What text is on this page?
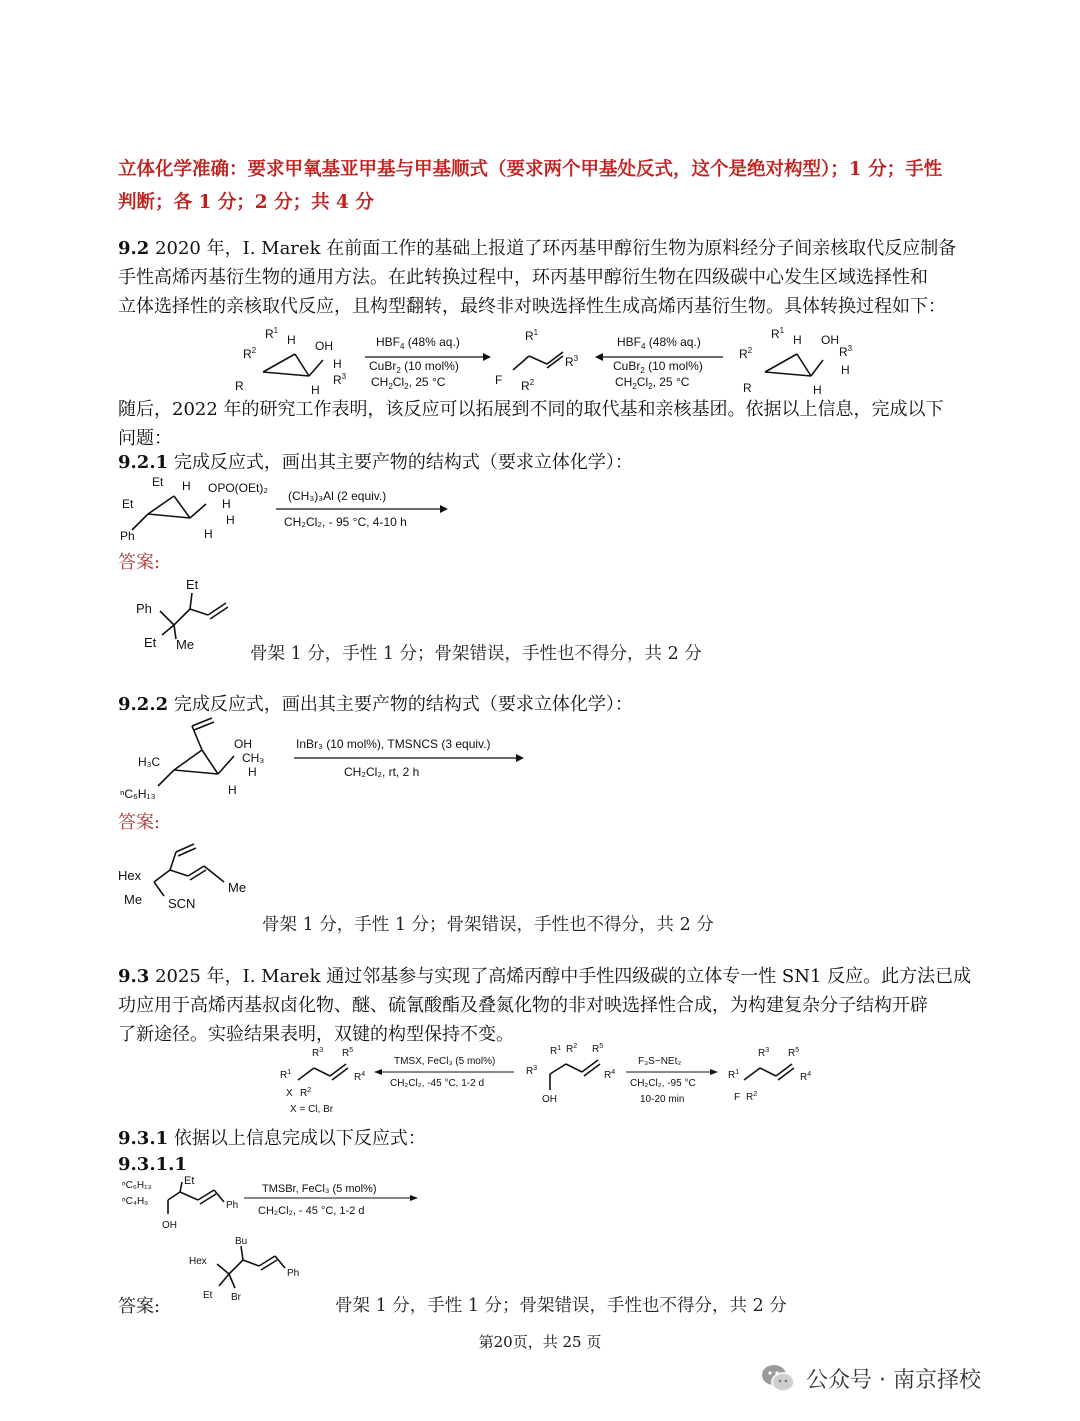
立体化学准确：要求甲氧基亚甲基与甲基顺式（要求两个甲基处反式，这个是绝对构型）；1 分；手性
判断；各 1 分；2 分；共 4 分
9.2 2020 年，I. Marek 在前面工作的基础上报道了环丙基甲醇衍生物为原料经分子间亲核取代反应制备
手性高烯丙基衍生物的通用方法。在此转换过程中，环丙基甲醇衍生物在四级碳中心发生区域选择性和
立体选择性的亲核取代反应，且构型翻转，最终非对映选择性生成高烯丙基衍生物。具体转换过程如下：
$R^2$
$R^1$
H
R
OH
H
$R^3$
H
$HBF_4$ (48% aq.)
CuBr$_2$ (10 mol%)
$CH_2Cl_2$, 25 °C
$R^1$
F $R^2$
$R^3$
$HBF_4$ (48% aq.)
CuBr$_2$ (10 mol%)
$CH_2Cl_2$, 25 °C
$R^2$
$R^1$
H
R
OH
$R^3$
H
H
随后，2022 年的研究工作表明，该反应可以拓展到不同的取代基和亲核基团。依据以上信息，完成以下
问题：
9.2.1 完成反应式，画出其主要产物的结构式（要求立体化学）：
Et H OPO(OEt)₂
Et	H
H
Ph	H
(CH₃)₃Al (2 equiv.)
CH₂Cl₂, - 95 °C, 4-10 h
答案:
Et
Ph
Et Me	骨架 1 分，手性 1 分；骨架错误，手性也不得分，共 2 分
9.2.2 完成反应式，画出其主要产物的结构式（要求立体化学）：
OH
H₃C	CH₃
H
ⁿC₆H₁₃	H
InBr₃ (10 mol%), TMSNCS (3 equiv.)
CH₂Cl₂, rt, 2 h
答案:
Hex
Me SCN
Me
骨架 1 分，手性 1 分；骨架错误，手性也不得分，共 2 分
9.3 2025 年，I. Marek 通过邻基参与实现了高烯丙醇中手性四级碳的立体专一性 SN1 反应。此方法已成
功应用于高烯丙基叔卤化物、醚、硫氰酸酯及叠氮化物的非对映选择性合成，为构建复杂分子结构开辟
了新途径。实验结果表明，双键的构型保持不变。
$R^3$ $R^5$
$R^1$	$R^4$
X $R^2$
X = Cl, Br
TMSX, FeCl₃ (5 mol%)
CH₂Cl₂, -45 °C, 1-2 d
$R^1$ $R^2$ $R^5$
$R^3$
$R^4$
OH
F₃S−NEt₂
CH₂Cl₂, -95 °C
10-20 min
$R^3$ $R^5$
$R^1$	$R^4$
F $R^2$
9.3.1 依据以上信息完成以下反应式：
9.3.1.1
Et
ⁿC₆H₁₃
ⁿC₄H₉	Ph
OH
TMSBr, FeCl₃ (5 mol%)
CH₂Cl₂, - 45 °C, 1-2 d
Bu
Hex
Ph
Et Br
答案:	骨架 1 分，手性 1 分；骨架错误，手性也不得分，共 2 分
第20页，共 25 页
公众号 · 南京择校
